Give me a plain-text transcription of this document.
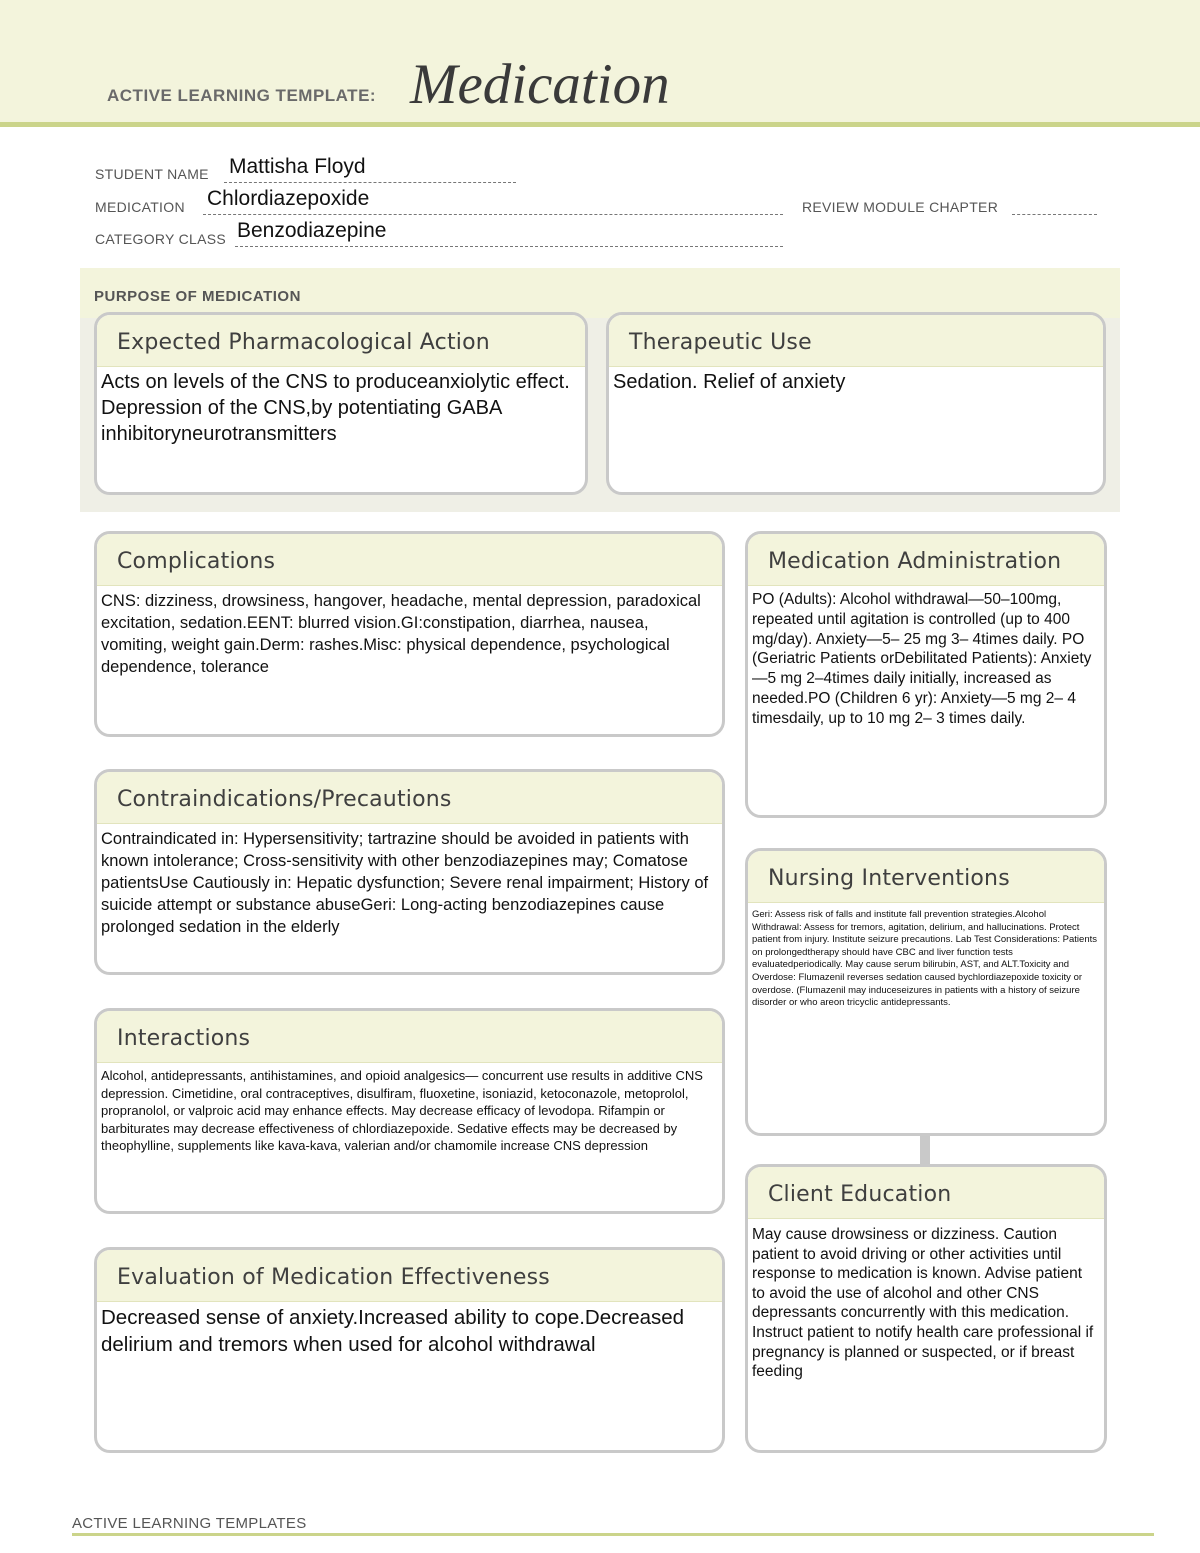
ACTIVE LEARNING TEMPLATE: Medication
STUDENT NAME Mattisha Floyd
MEDICATION Chlordiazepoxide	REVIEW MODULE CHAPTER
CATEGORY CLASS Benzodiazepine
PURPOSE OF MEDICATION
Expected Pharmacological Action
Acts on levels of the CNS to produceanxiolytic effect. Depression of the CNS,by potentiating GABA inhibitoryneurotransmitters
Therapeutic Use
Sedation. Relief of anxiety
Complications
CNS: dizziness, drowsiness, hangover, headache, mental depression, paradoxical excitation, sedation.EENT: blurred vision.GI:constipation, diarrhea, nausea, vomiting, weight gain.Derm: rashes.Misc: physical dependence, psychological dependence, tolerance
Contraindications/Precautions
Contraindicated in: Hypersensitivity; tartrazine should be avoided in patients with known intolerance; Cross-sensitivity with other benzodiazepines may; Comatose patientsUse Cautiously in: Hepatic dysfunction; Severe renal impairment; History of suicide attempt or substance abuseGeri: Long-acting benzodiazepines cause prolonged sedation in the elderly
Interactions
Alcohol, antidepressants, antihistamines, and opioid analgesics— concurrent use results in additive CNS depression. Cimetidine, oral contraceptives, disulfiram, fluoxetine, isoniazid, ketoconazole, metoprolol, propranolol, or valproic acid may enhance effects. May decrease efficacy of levodopa. Rifampin or barbiturates may decrease effectiveness of chlordiazepoxide. Sedative effects may be decreased by theophylline, supplements like kava-kava, valerian and/or chamomile increase CNS depression
Evaluation of Medication Effectiveness
Decreased sense of anxiety.Increased ability to cope.Decreased delirium and tremors when used for alcohol withdrawal
Medication Administration
PO (Adults): Alcohol withdrawal—50–100mg, repeated until agitation is controlled (up to 400 mg/day). Anxiety—5– 25 mg 3– 4times daily. PO (Geriatric Patients orDebilitated Patients): Anxiety—5 mg 2–4times daily initially, increased as needed.PO (Children 6 yr): Anxiety—5 mg 2– 4 timesdaily, up to 10 mg 2– 3 times daily.
Nursing Interventions
Geri: Assess risk of falls and institute fall prevention strategies.Alcohol Withdrawal: Assess for tremors, agitation, delirium, and hallucinations. Protect patient from injury. Institute seizure precautions. Lab Test Considerations: Patients on prolongedtherapy should have CBC and liver function tests evaluatedperiodically. May cause serum bilirubin, AST, and ALT.Toxicity and Overdose: Flumazenil reverses sedation caused bychlordiazepoxide toxicity or overdose. (Flumazenil may induceseizures in patients with a history of seizure disorder or who areon tricyclic antidepressants.
Client Education
May cause drowsiness or dizziness. Caution patient to avoid driving or other activities until response to medication is known. Advise patient to avoid the use of alcohol and other CNS depressants concurrently with this medication. Instruct patient to notify health care professional if pregnancy is planned or suspected, or if breast feeding
ACTIVE LEARNING TEMPLATES
